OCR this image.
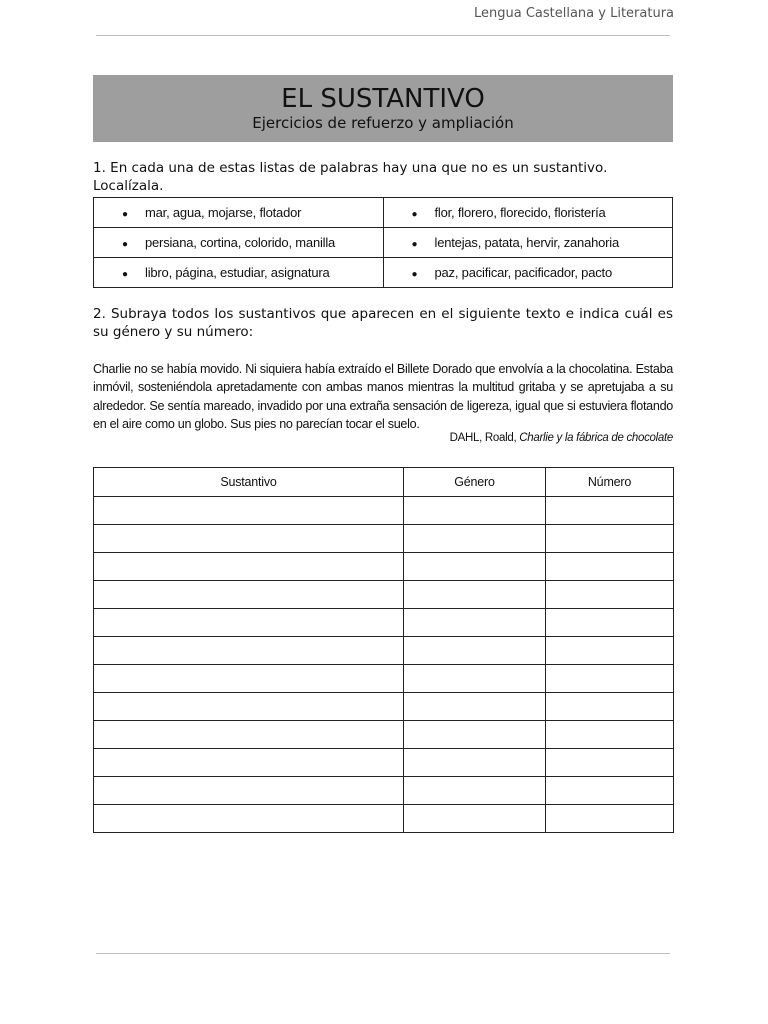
Lengua Castellana y Literatura
EL SUSTANTIVO
Ejercicios de refuerzo y ampliación
1. En cada una de estas listas de palabras hay una que no es un sustantivo. Localízala.
● mar, agua, mojarse, flotador	● flor, florero, florecido, floristería
● persiana, cortina, colorido, manilla	● lentejas, patata, hervir, zanahoria
● libro, página, estudiar, asignatura	● paz, pacificar, pacificador, pacto
2. Subraya todos los sustantivos que aparecen en el siguiente texto e indica cuál es su género y su número:
Charlie no se había movido. Ni siquiera había extraído el Billete Dorado que envolvía a la chocolatina. Estaba inmóvil, sosteniéndola apretadamente con ambas manos mientras la multitud gritaba y se apretujaba a su alrededor. Se sentía mareado, invadido por una extraña sensación de ligereza, igual que si estuviera flotando en el aire como un globo. Sus pies no parecían tocar el suelo.
DAHL, Roald, Charlie y la fábrica de chocolate
Sustantivo	Género	Número
